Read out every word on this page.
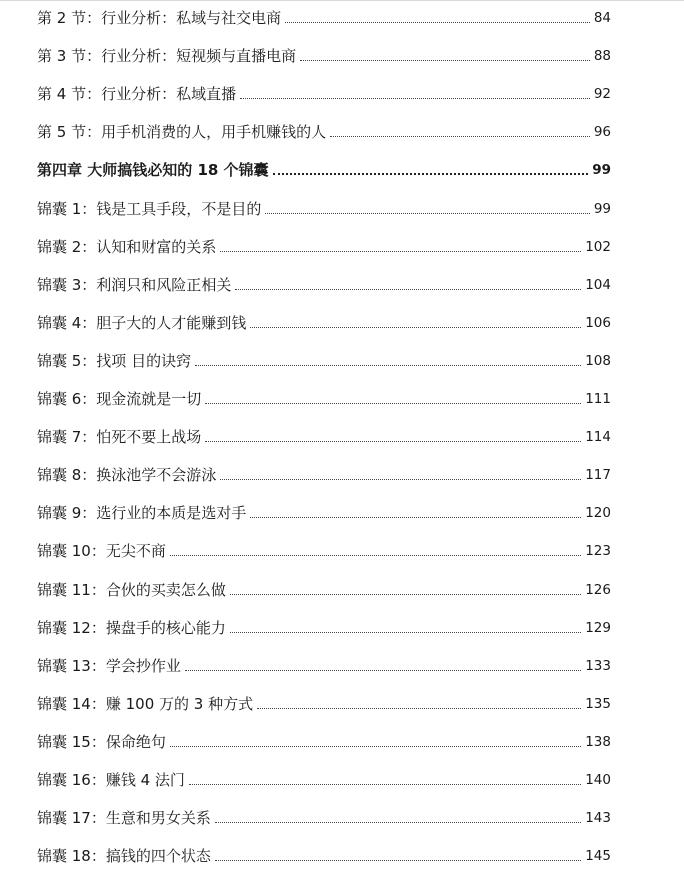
第 2 节：行业分析：私域与社交电商	84
第 3 节：行业分析：短视频与直播电商	88
第 4 节：行业分析：私域直播	92
第 5 节：用手机消费的人，用手机赚钱的人	96
第四章 大师搞钱必知的 18 个锦囊	99
锦囊 1：钱是工具手段，不是目的	99
锦囊 2：认知和财富的关系	102
锦囊 3：利润只和风险正相关	104
锦囊 4：胆子大的人才能赚到钱	106
锦囊 5：找项 目的诀窍	108
锦囊 6：现金流就是一切	111
锦囊 7：怕死不要上战场	114
锦囊 8：换泳池学不会游泳	117
锦囊 9：选行业的本质是选对手	120
锦囊 10：无尖不商	123
锦囊 11：合伙的买卖怎么做	126
锦囊 12：操盘手的核心能力	129
锦囊 13：学会抄作业	133
锦囊 14：赚 100 万的 3 种方式	135
锦囊 15：保命绝句	138
锦囊 16：赚钱 4 法门	140
锦囊 17：生意和男女关系	143
锦囊 18：搞钱的四个状态	145
